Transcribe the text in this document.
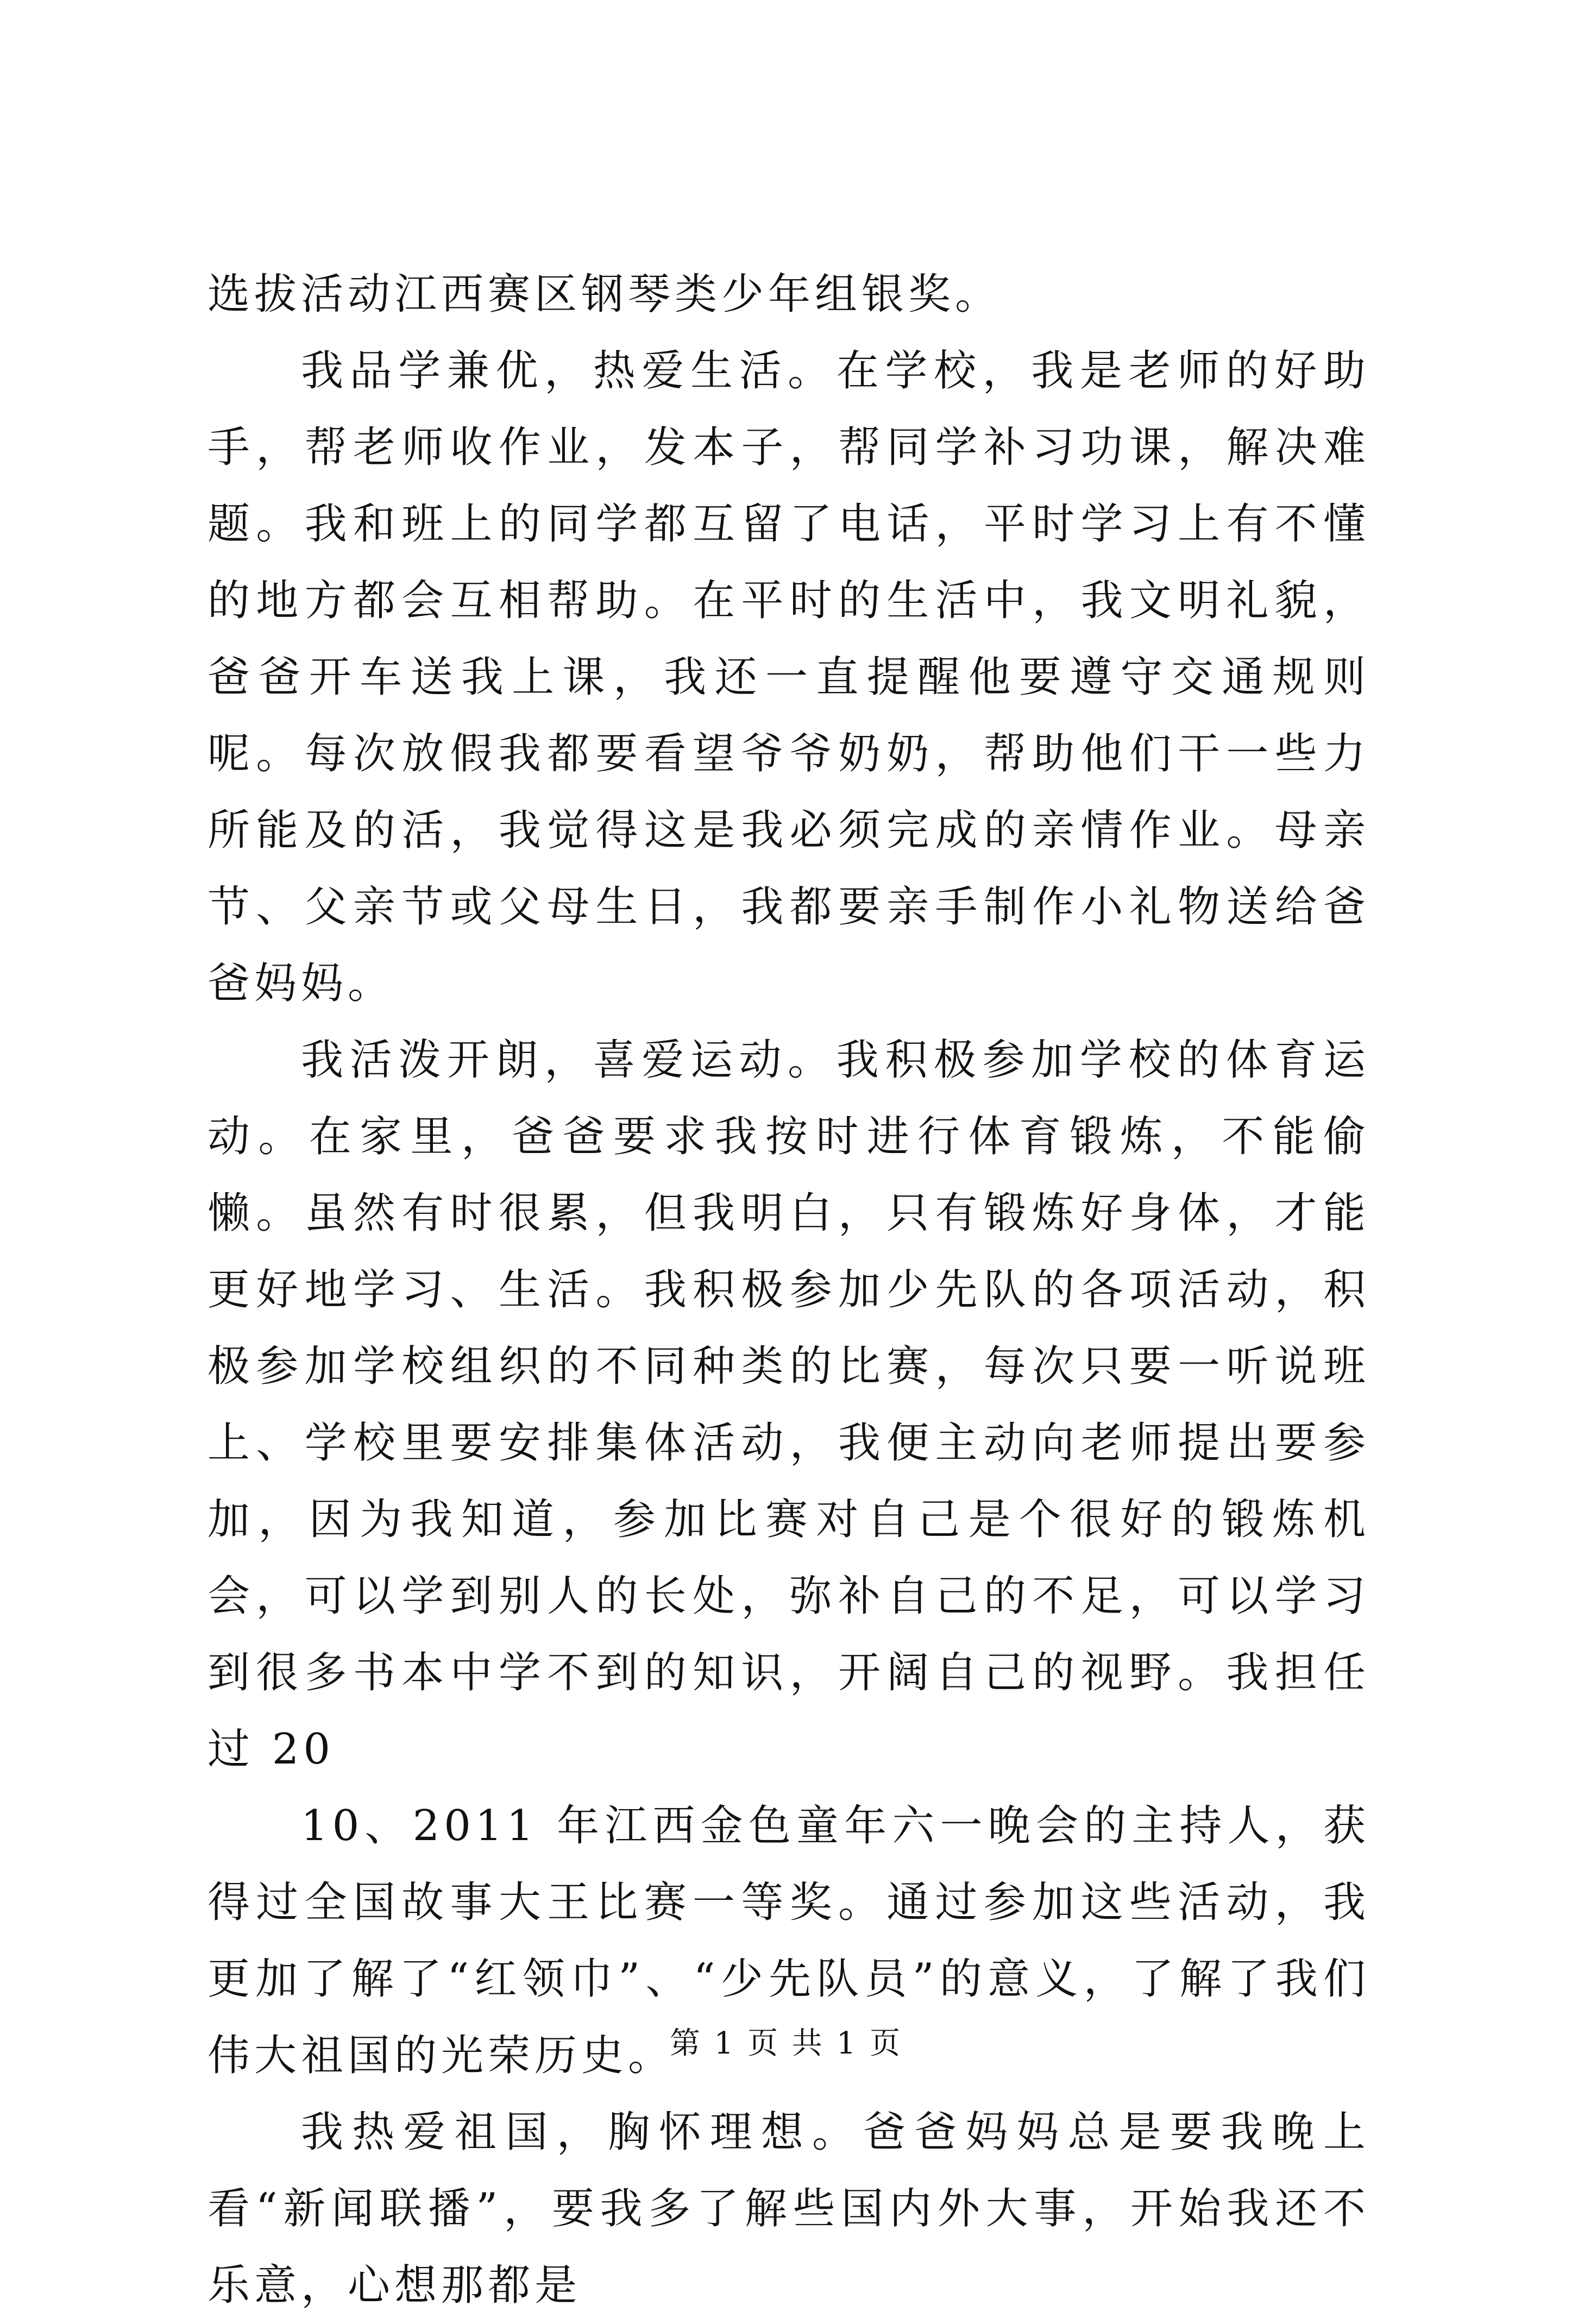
选拔活动江西赛区钢琴类少年组银奖。

我品学兼优，热爱生活。在学校，我是老师的好助手，帮老师收作业，发本子，帮同学补习功课，解决难题。我和班上的同学都互留了电话，平时学习上有不懂的地方都会互相帮助。在平时的生活中，我文明礼貌，爸爸开车送我上课，我还一直提醒他要遵守交通规则呢。每次放假我都要看望爷爷奶奶，帮助他们干一些力所能及的活，我觉得这是我必须完成的亲情作业。母亲节、父亲节或父母生日，我都要亲手制作小礼物送给爸爸妈妈。

我活泼开朗，喜爱运动。我积极参加学校的体育运动。在家里，爸爸要求我按时进行体育锻炼，不能偷懒。虽然有时很累，但我明白，只有锻炼好身体，才能更好地学习、生活。我积极参加少先队的各项活动，积极参加学校组织的不同种类的比赛，每次只要一听说班上、学校里要安排集体活动，我便主动向老师提出要参加，因为我知道，参加比赛对自己是个很好的锻炼机会，可以学到别人的长处，弥补自己的不足，可以学习到很多书本中学不到的知识，开阔自己的视野。我担任过 20

10、2011 年江西金色童年六一晚会的主持人，获得过全国故事大王比赛一等奖。通过参加这些活动，我更加了解了“红领巾”、“少先队员”的意义，了解了我们伟大祖国的光荣历史。

我热爱祖国，胸怀理想。爸爸妈妈总是要我晚上看“新闻联播”，要我多了解些国内外大事，开始我还不乐意，心想那都是

第 1 页 共 1 页
